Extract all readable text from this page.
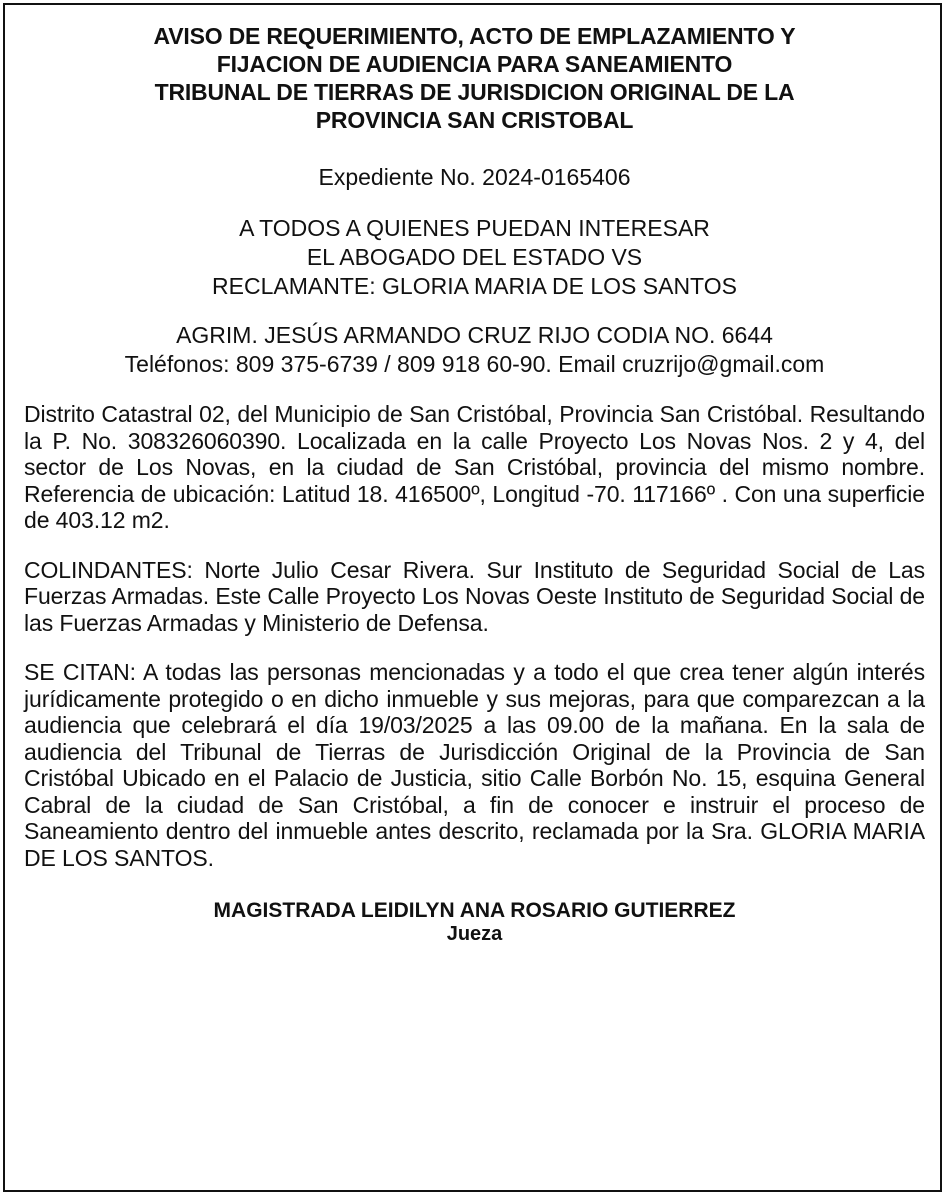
AVISO DE REQUERIMIENTO, ACTO DE EMPLAZAMIENTO Y
FIJACION DE AUDIENCIA PARA SANEAMIENTO
TRIBUNAL DE TIERRAS DE JURISDICION ORIGINAL DE LA
PROVINCIA SAN CRISTOBAL
Expediente No. 2024-0165406
A TODOS A QUIENES PUEDAN INTERESAR
EL ABOGADO DEL ESTADO VS
RECLAMANTE: GLORIA MARIA DE LOS SANTOS
AGRIM. JESÚS ARMANDO CRUZ RIJO CODIA NO. 6644
Teléfonos: 809 375-6739 / 809 918 60-90. Email cruzrijo@gmail.com

Distrito Catastral 02, del Municipio de San Cristóbal, Provincia San Cristóbal. Resultando la P. No. 308326060390. Localizada en la calle Proyecto Los Novas Nos. 2 y 4, del sector de Los Novas, en la ciudad de San Cristóbal, provincia del mismo nombre. Referencia de ubicación: Latitud 18. 416500º, Longitud -70. 117166º . Con una superficie de 403.12 m2.

COLINDANTES: Norte Julio Cesar Rivera. Sur Instituto de Seguridad Social de Las Fuerzas Armadas. Este Calle Proyecto Los Novas Oeste Instituto de Seguridad Social de las Fuerzas Armadas y Ministerio de Defensa.

SE CITAN: A todas las personas mencionadas y a todo el que crea tener algún interés jurídicamente protegido o en dicho inmueble y sus mejoras, para que comparezcan a la audiencia que celebrará el día 19/03/2025 a las 09.00 de la mañana. En la sala de audiencia del Tribunal de Tierras de Jurisdicción Original de la Provincia de San Cristóbal Ubicado en el Palacio de Justicia, sitio Calle Borbón No. 15, esquina General Cabral de la ciudad de San Cristóbal, a fin de conocer e instruir el proceso de Saneamiento dentro del inmueble antes descrito, reclamada por la Sra. GLORIA MARIA DE LOS SANTOS.

MAGISTRADA LEIDILYN ANA ROSARIO GUTIERREZ
Jueza
